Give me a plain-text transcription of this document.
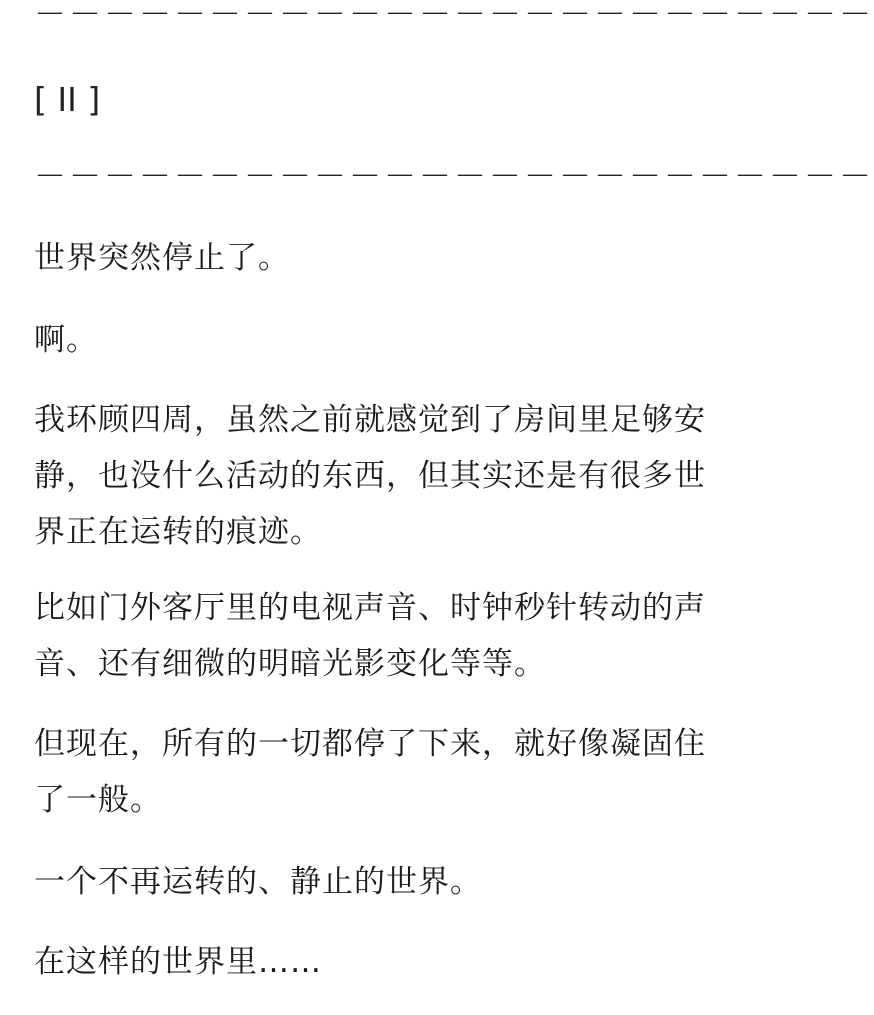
－－－－－－－－－－－－－－－－－－－－－－－－
[ II ]
－－－－－－－－－－－－－－－－－－－－－－－－

世界突然停止了。

啊。

我环顾四周，虽然之前就感觉到了房间里足够安静，也没什么活动的东西，但其实还是有很多世界正在运转的痕迹。

比如门外客厅里的电视声音、时钟秒针转动的声音、还有细微的明暗光影变化等等。

但现在，所有的一切都停了下来，就好像凝固住了一般。

一个不再运转的、静止的世界。

在这样的世界里……
